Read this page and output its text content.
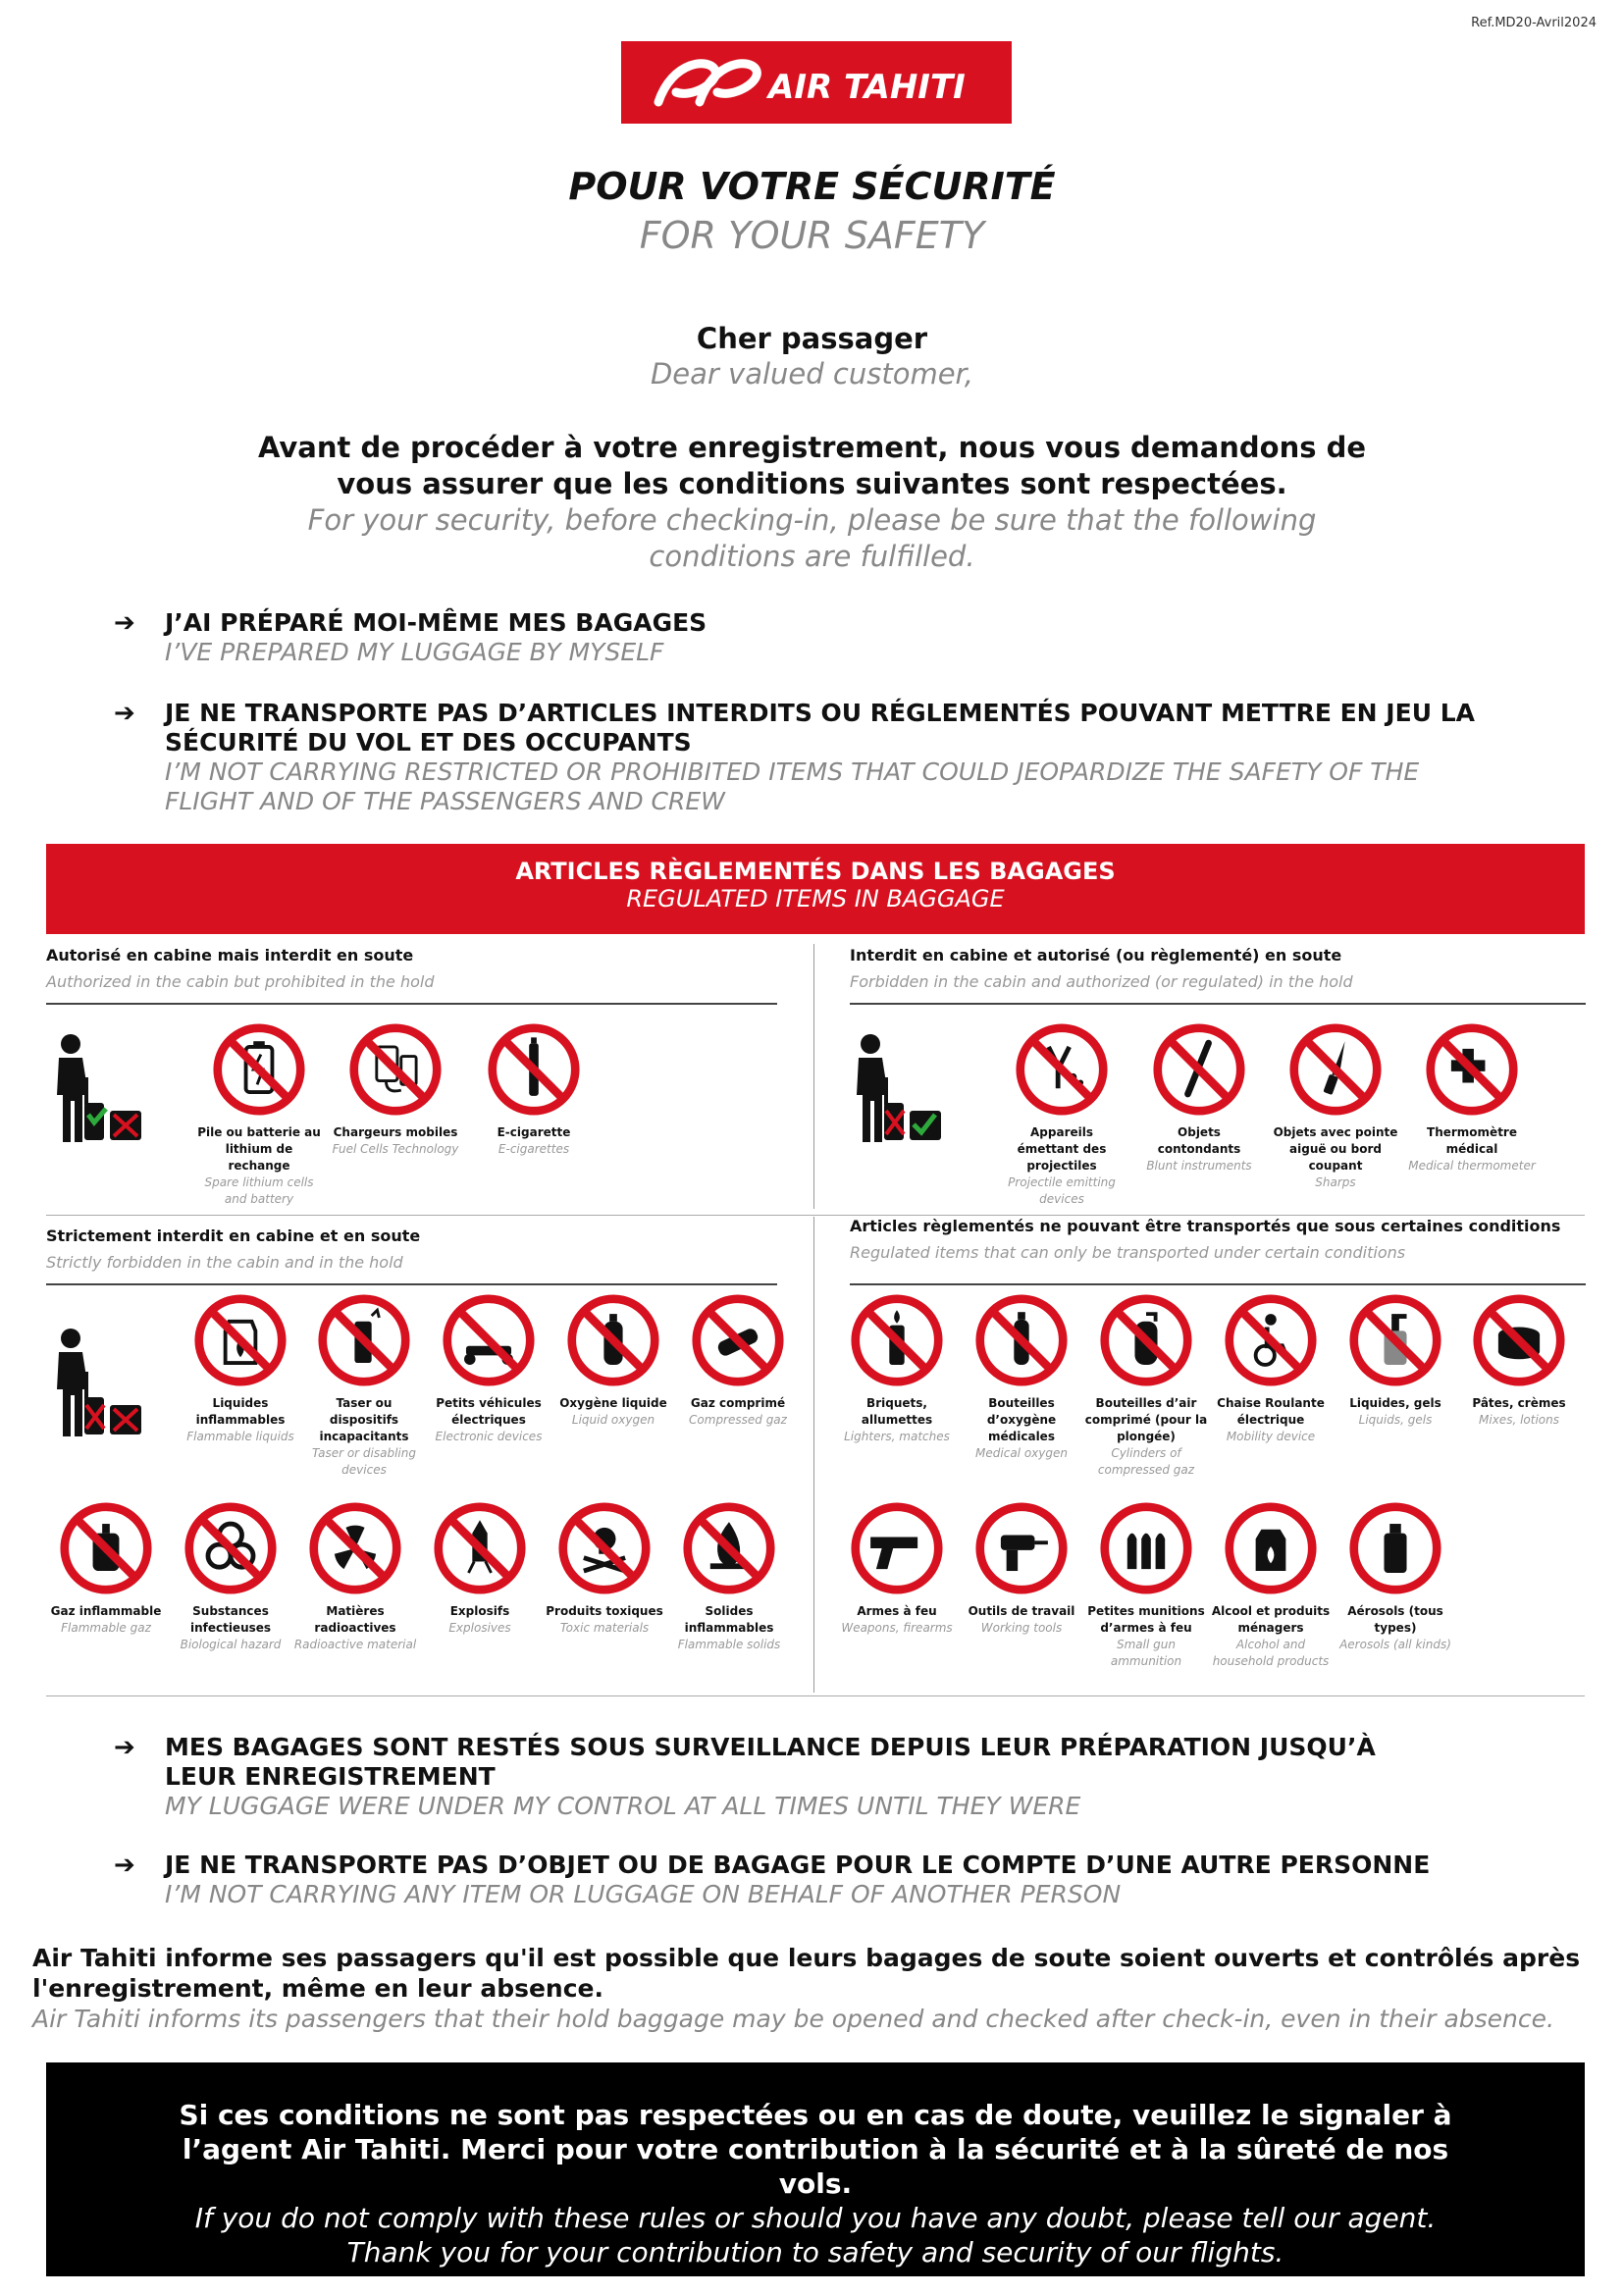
Ref.MD20-Avril2024
AIR TAHITI
POUR VOTRE SÉCURITÉ
FOR YOUR SAFETY
Cher passager
Dear valued customer,
Avant de procéder à votre enregistrement, nous vous demandons de vous assurer que les conditions suivantes sont respectées.
For your security, before checking-in, please be sure that the following conditions are fulfilled.
➔ J’AI PRÉPARÉ MOI-MÊME MES BAGAGES
I’VE PREPARED MY LUGGAGE BY MYSELF
➔ JE NE TRANSPORTE PAS D’ARTICLES INTERDITS OU RÉGLEMENTÉS POUVANT METTRE EN JEU LA SÉCURITÉ DU VOL ET DES OCCUPANTS
I’M NOT CARRYING RESTRICTED OR PROHIBITED ITEMS THAT COULD JEOPARDIZE THE SAFETY OF THE FLIGHT AND OF THE PASSENGERS AND CREW
ARTICLES RÈGLEMENTÉS DANS LES BAGAGES
REGULATED ITEMS IN BAGGAGE
Autorisé en cabine mais interdit en soute
Authorized in the cabin but prohibited in the hold
Interdit en cabine et autorisé (ou règlementé) en soute
Forbidden in the cabin and authorized (or regulated) in the hold
Strictement interdit en cabine et en soute
Strictly forbidden in the cabin and in the hold
Articles règlementés ne pouvant être transportés que sous certaines conditions
Regulated items that can only be transported under certain conditions
Pile ou batterie au lithium de rechange
Spare lithium cells and battery
Chargeurs mobiles
Fuel Cells Technology
E-cigarette
E-cigarettes
Appareils émettant des projectiles
Projectile emitting devices
Objets contondants
Blunt instruments
Objets avec pointe aiguë ou bord coupant
Sharps
Thermomètre médical
Medical thermometer
Liquides inflammables
Flammable liquids
Taser ou dispositifs incapacitants
Taser or disabling devices
Petits véhicules électriques
Electronic devices
Oxygène liquide
Liquid oxygen
Gaz comprimé
Compressed gaz
Briquets, allumettes
Lighters, matches
Bouteilles d’oxygène médicales
Medical oxygen
Bouteilles d’air comprimé (pour la plongée)
Cylinders of compressed gaz
Chaise Roulante électrique
Mobility device
Liquides, gels
Liquids, gels
Pâtes, crèmes
Mixes, lotions
Gaz inflammable
Flammable gaz
Substances infectieuses
Biological hazard
Matières radioactives
Radioactive material
Explosifs
Explosives
Produits toxiques
Toxic materials
Solides inflammables
Flammable solids
Armes à feu
Weapons, firearms
Outils de travail
Working tools
Petites munitions d’armes à feu
Small gun ammunition
Alcool et produits ménagers
Alcohol and household products
Aérosols (tous types)
Aerosols (all kinds)
➔ MES BAGAGES SONT RESTÉS SOUS SURVEILLANCE DEPUIS LEUR PRÉPARATION JUSQU’À LEUR ENREGISTREMENT
MY LUGGAGE WERE UNDER MY CONTROL AT ALL TIMES UNTIL THEY WERE
➔ JE NE TRANSPORTE PAS D’OBJET OU DE BAGAGE POUR LE COMPTE D’UNE AUTRE PERSONNE
I’M NOT CARRYING ANY ITEM OR LUGGAGE ON BEHALF OF ANOTHER PERSON
Air Tahiti informe ses passagers qu'il est possible que leurs bagages de soute soient ouverts et contrôlés après l'enregistrement, même en leur absence.
Air Tahiti informs its passengers that their hold baggage may be opened and checked after check-in, even in their absence.
Si ces conditions ne sont pas respectées ou en cas de doute, veuillez le signaler à l’agent Air Tahiti. Merci pour votre contribution à la sécurité et à la sûreté de nos vols.
If you do not comply with these rules or should you have any doubt, please tell our agent. Thank you for your contribution to safety and security of our flights.
